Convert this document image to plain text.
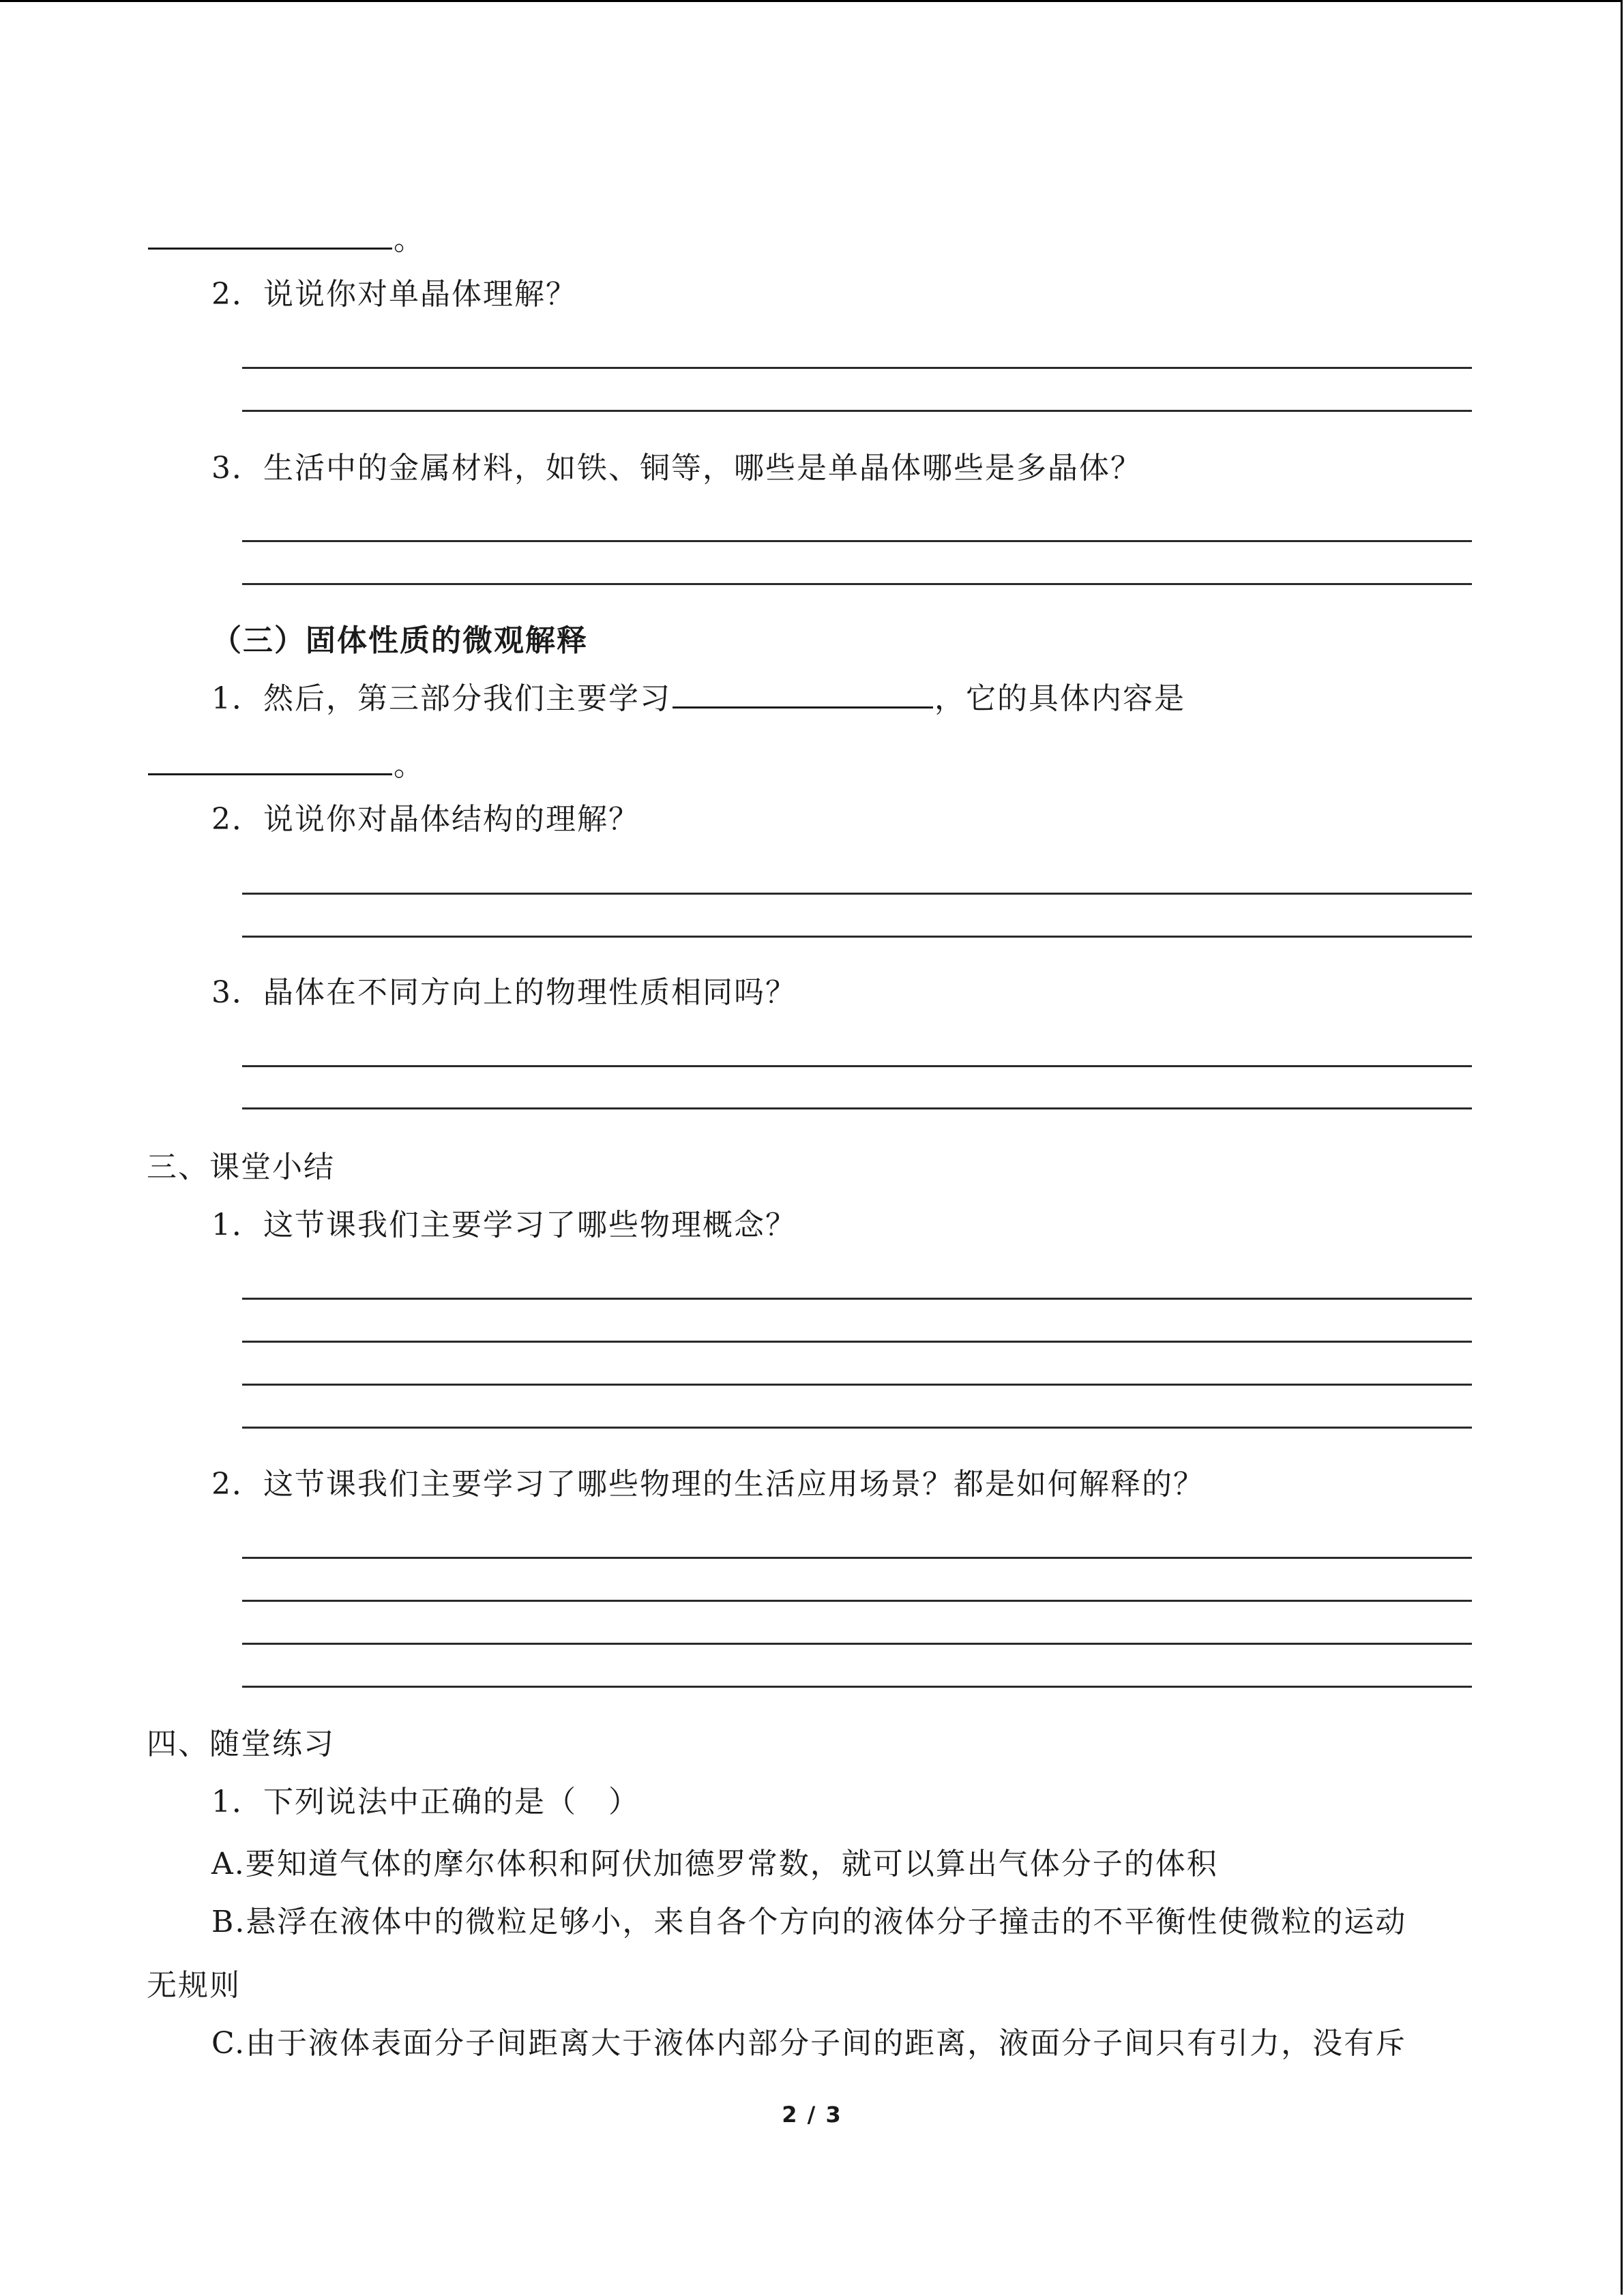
。
2．说说你对单晶体理解？
3．生活中的金属材料，如铁、铜等，哪些是单晶体哪些是多晶体？
（三）固体性质的微观解释
1．然后，第三部分我们主要学习	，它的具体内容是
。
2．说说你对晶体结构的理解？
3．晶体在不同方向上的物理性质相同吗？
三、课堂小结
1．这节课我们主要学习了哪些物理概念？
2．这节课我们主要学习了哪些物理的生活应用场景？都是如何解释的？
四、随堂练习
1．下列说法中正确的是（　）
A.要知道气体的摩尔体积和阿伏加德罗常数，就可以算出气体分子的体积
B.悬浮在液体中的微粒足够小，来自各个方向的液体分子撞击的不平衡性使微粒的运动
无规则
C.由于液体表面分子间距离大于液体内部分子间的距离，液面分子间只有引力，没有斥
2 / 3
